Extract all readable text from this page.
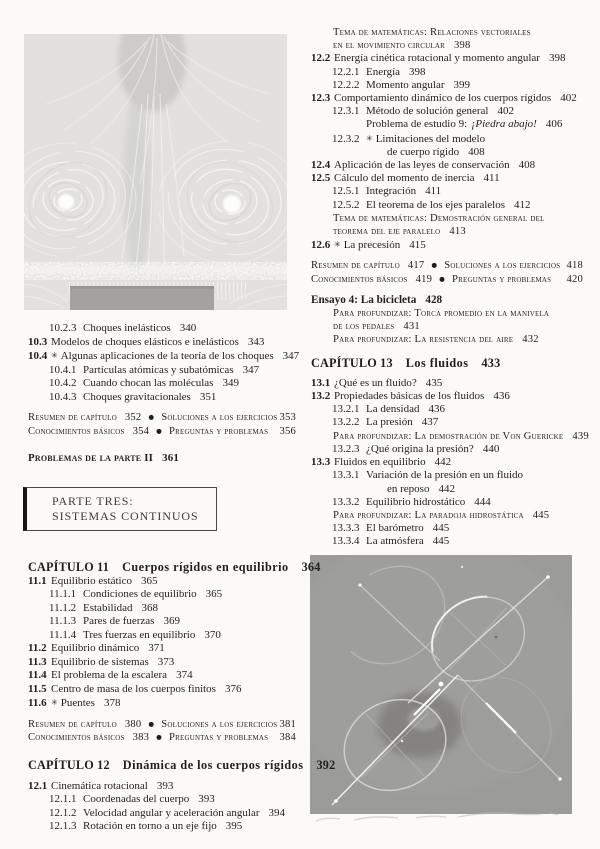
10.2.3 Choques inelásticos 340
10.3 Modelos de choques elásticos e inelásticos 343
10.4 ✳ Algunas aplicaciones de la teoría de los choques 347
10.4.1 Partículas atómicas y subatómicas 347
10.4.2 Cuando chocan las moléculas 349
10.4.3 Choques gravitacionales 351
Resumen de capítulo 352 ● Soluciones a los ejercicios 353
Conocimientos básicos 354 ● Preguntas y problemas 356
Problemas de la parte II 361
PARTE TRES:
SISTEMAS CONTINUOS
CAPÍTULO 11 Cuerpos rígidos en equilibrio 364
11.1 Equilibrio estático 365
11.1.1 Condiciones de equilibrio 365
11.1.2 Estabilidad 368
11.1.3 Pares de fuerzas 369
11.1.4 Tres fuerzas en equilibrio 370
11.2 Equilibrio dinámico 371
11.3 Equilibrio de sistemas 373
11.4 El problema de la escalera 374
11.5 Centro de masa de los cuerpos finitos 376
11.6 ✳ Puentes 378
Resumen de capítulo 380 ● Soluciones a los ejercicios 381
Conocimientos básicos 383 ● Preguntas y problemas 384
CAPÍTULO 12 Dinámica de los cuerpos rígidos 392
12.1 Cinemática rotacional 393
12.1.1 Coordenadas del cuerpo 393
12.1.2 Velocidad angular y aceleración angular 394
12.1.3 Rotación en torno a un eje fijo 395
Tema de matemáticas: Relaciones vectoriales
en el movimiento circular 398
12.2 Energía cinética rotacional y momento angular 398
12.2.1 Energía 398
12.2.2 Momento angular 399
12.3 Comportamiento dinámico de los cuerpos rígidos 402
12.3.1 Método de solución general 402
Problema de estudio 9: ¡Piedra abajo! 406
12.3.2 ✳ Limitaciones del modelo
de cuerpo rígido 408
12.4 Aplicación de las leyes de conservación 408
12.5 Cálculo del momento de inercia 411
12.5.1 Integración 411
12.5.2 El teorema de los ejes paralelos 412
Tema de matemáticas: Demostración general del
teorema del eje paralelo 413
12.6 ✳ La precesión 415
Resumen de capítulo 417 ● Soluciones a los ejercicios 418
Conocimientos básicos 419 ● Preguntas y problemas 420
Ensayo 4: La bicicleta 428
Para profundizar: Torca promedio en la manivela
de los pedales 431
Para profundizar: La resistencia del aire 432
CAPÍTULO 13 Los fluidos 433
13.1 ¿Qué es un fluido? 435
13.2 Propiedades básicas de los fluidos 436
13.2.1 La densidad 436
13.2.2 La presión 437
Para profundizar: La demostración de Von Guericke 439
13.2.3 ¿Qué origina la presión? 440
13.3 Fluidos en equilibrio 442
13.3.1 Variación de la presión en un fluido
en reposo 442
13.3.2 Equilibrio hidrostático 444
Para profundizar: La paradoja hidrostática 445
13.3.3 El barómetro 445
13.3.4 La atmósfera 445
